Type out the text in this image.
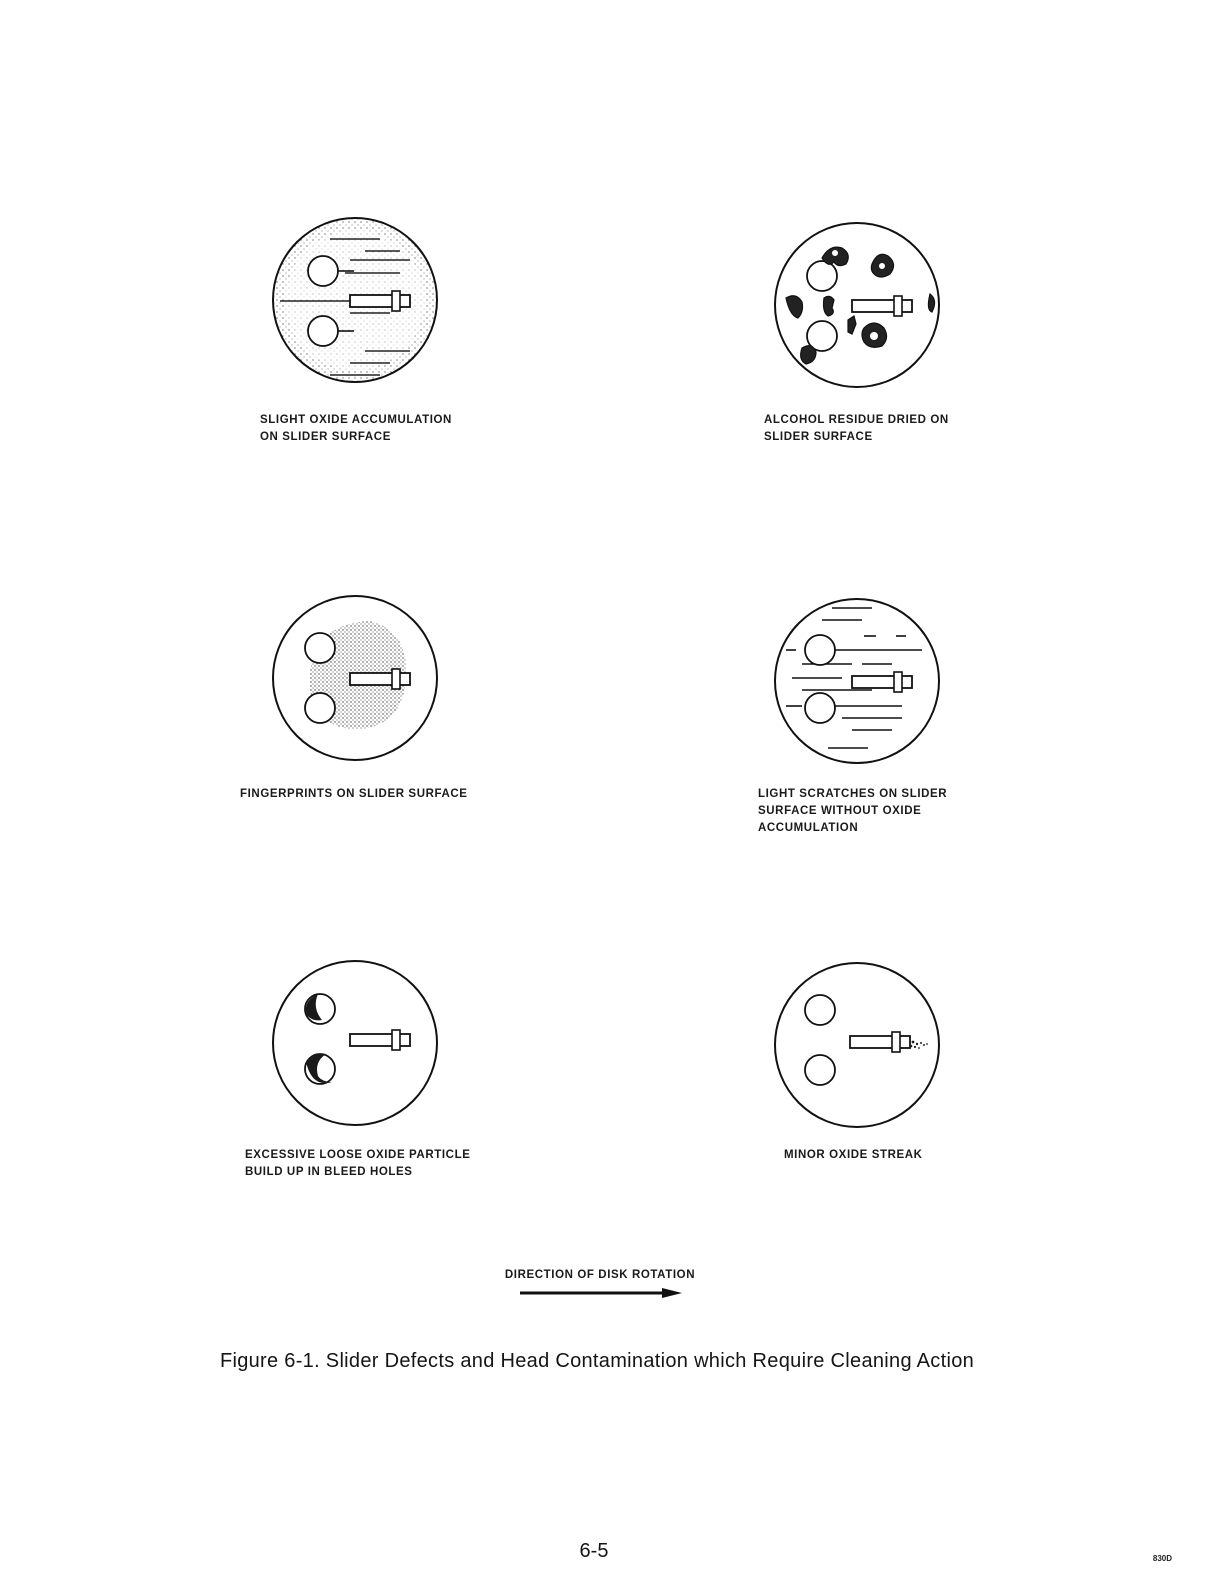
SLIGHT OXIDE ACCUMULATION
ON SLIDER SURFACE
ALCOHOL RESIDUE DRIED ON
SLIDER SURFACE
FINGERPRINTS ON SLIDER SURFACE	LIGHT SCRATCHES ON SLIDER
SURFACE WITHOUT OXIDE
ACCUMULATION
EXCESSIVE LOOSE OXIDE PARTICLE
BUILD UP IN BLEED HOLES
MINOR OXIDE STREAK
DIRECTION OF DISK ROTATION
Figure 6-1. Slider Defects and Head Contamination which Require Cleaning Action
6-5	830D
